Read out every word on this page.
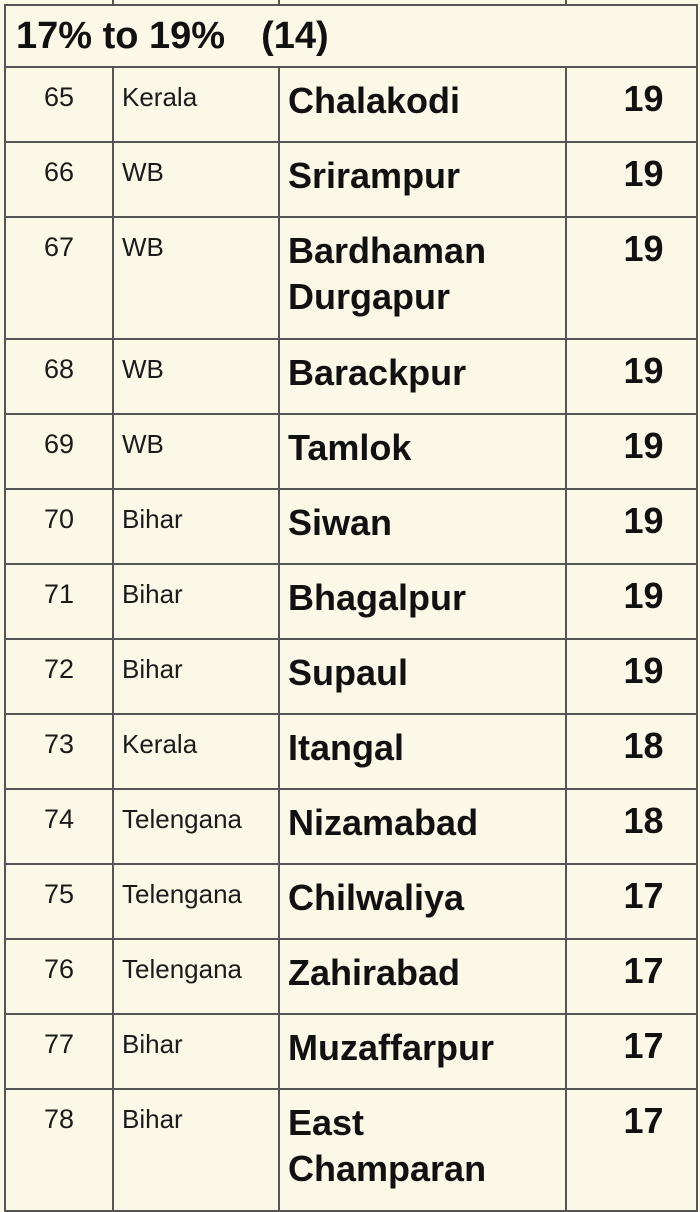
17% to 19% (14)			
65	Kerala	Chalakodi	19
66	WB	Srirampur	19
67	WB	Bardhaman Durgapur	19
68	WB	Barackpur	19
69	WB	Tamlok	19
70	Bihar	Siwan	19
71	Bihar	Bhagalpur	19
72	Bihar	Supaul	19
73	Kerala	Itangal	18
74	Telengana	Nizamabad	18
75	Telengana	Chilwaliya	17
76	Telengana	Zahirabad	17
77	Bihar	Muzaffarpur	17
78	Bihar	East Champaran	17
